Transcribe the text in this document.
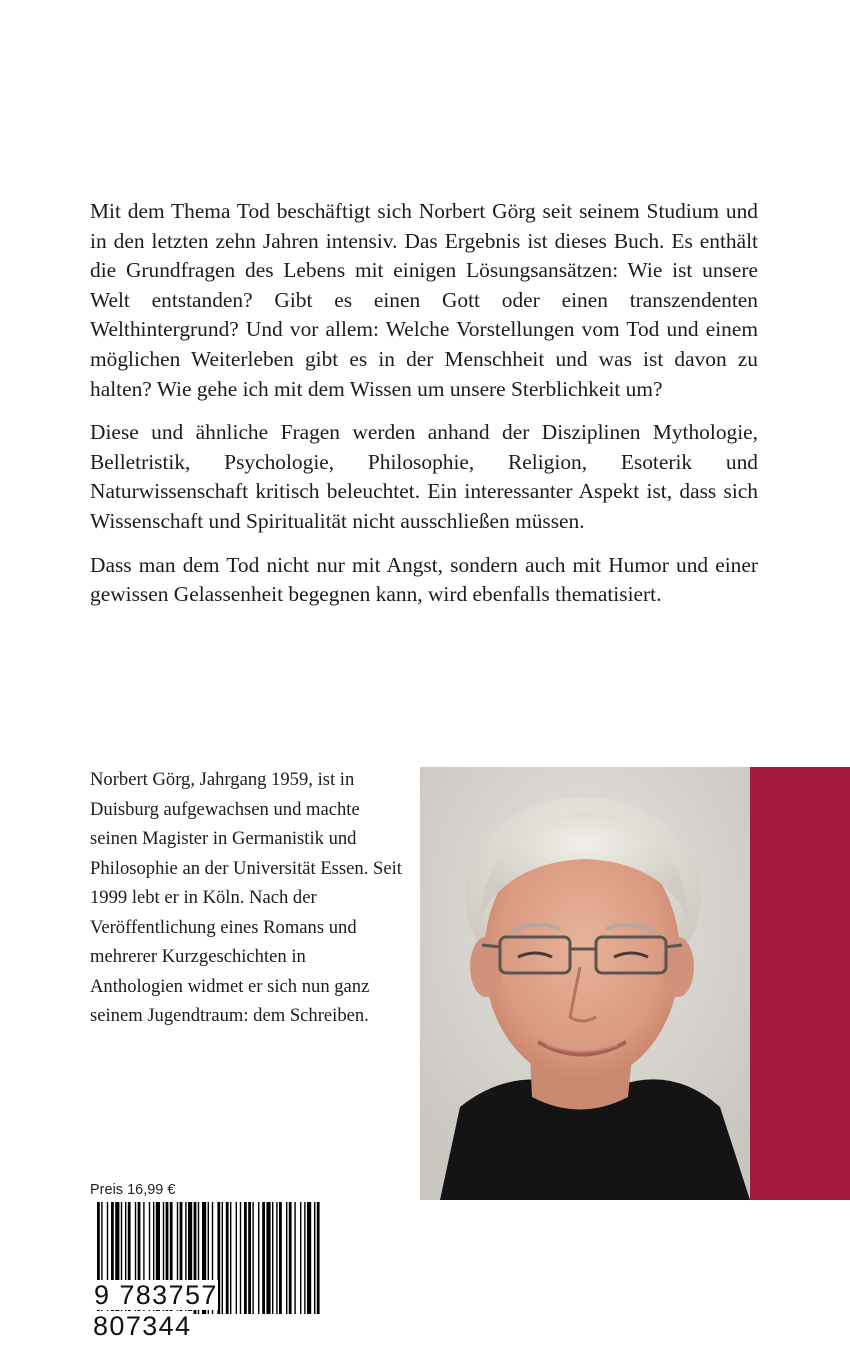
Mit dem Thema Tod beschäftigt sich Norbert Görg seit seinem Studium und in den letzten zehn Jahren intensiv. Das Ergebnis ist dieses Buch. Es enthält die Grundfragen des Lebens mit einigen Lösungsansätzen: Wie ist unsere Welt entstanden? Gibt es einen Gott oder einen transzendenten Welthintergrund? Und vor allem: Welche Vorstellungen vom Tod und einem möglichen Weiterleben gibt es in der Menschheit und was ist davon zu halten? Wie gehe ich mit dem Wissen um unsere Sterblichkeit um?

Diese und ähnliche Fragen werden anhand der Disziplinen Mythologie, Belletristik, Psychologie, Philosophie, Religion, Esoterik und Naturwissenschaft kritisch beleuchtet. Ein interessanter Aspekt ist, dass sich Wissenschaft und Spiritualität nicht ausschließen müssen.

Dass man dem Tod nicht nur mit Angst, sondern auch mit Humor und einer gewissen Gelassenheit begegnen kann, wird ebenfalls thematisiert.

Norbert Görg, Jahrgang 1959, ist in Duisburg aufgewachsen und machte seinen Magister in Germanistik und Philosophie an der Universität Essen. Seit 1999 lebt er in Köln. Nach der Veröffentlichung eines Romans und mehrerer Kurzgeschichten in Anthologien widmet er sich nun ganz seinem Jugendtraum: dem Schreiben.
Preis 16,99 €
9 783757 807344
